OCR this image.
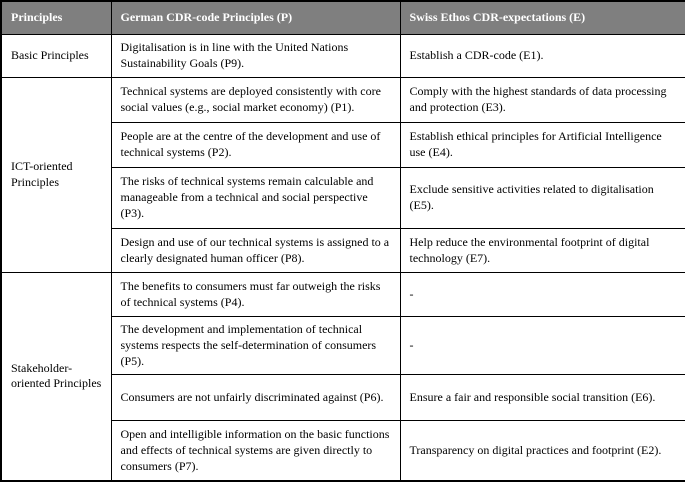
Principles	German CDR-code Principles (P)	Swiss Ethos CDR-expectations (E)
Basic Principles	Digitalisation is in line with the United Nations Sustainability Goals (P9).	Establish a CDR-code (E1).
ICT-oriented Principles	Technical systems are deployed consistently with core social values (e.g., social market economy) (P1).	Comply with the highest standards of data processing and protection (E3).
	People are at the centre of the development and use of technical systems (P2).	Establish ethical principles for Artificial Intelligence use (E4).
	The risks of technical systems remain calculable and manageable from a technical and social perspective (P3).	Exclude sensitive activities related to digitalisation (E5).
	Design and use of our technical systems is assigned to a clearly designated human officer (P8).	Help reduce the environmental footprint of digital technology (E7).
Stakeholder-oriented Principles	The benefits to consumers must far outweigh the risks of technical systems (P4).	-
	The development and implementation of technical systems respects the self-determination of consumers (P5).	-
	Consumers are not unfairly discriminated against (P6).	Ensure a fair and responsible social transition (E6).
	Open and intelligible information on the basic functions and effects of technical systems are given directly to consumers (P7).	Transparency on digital practices and footprint (E2).
